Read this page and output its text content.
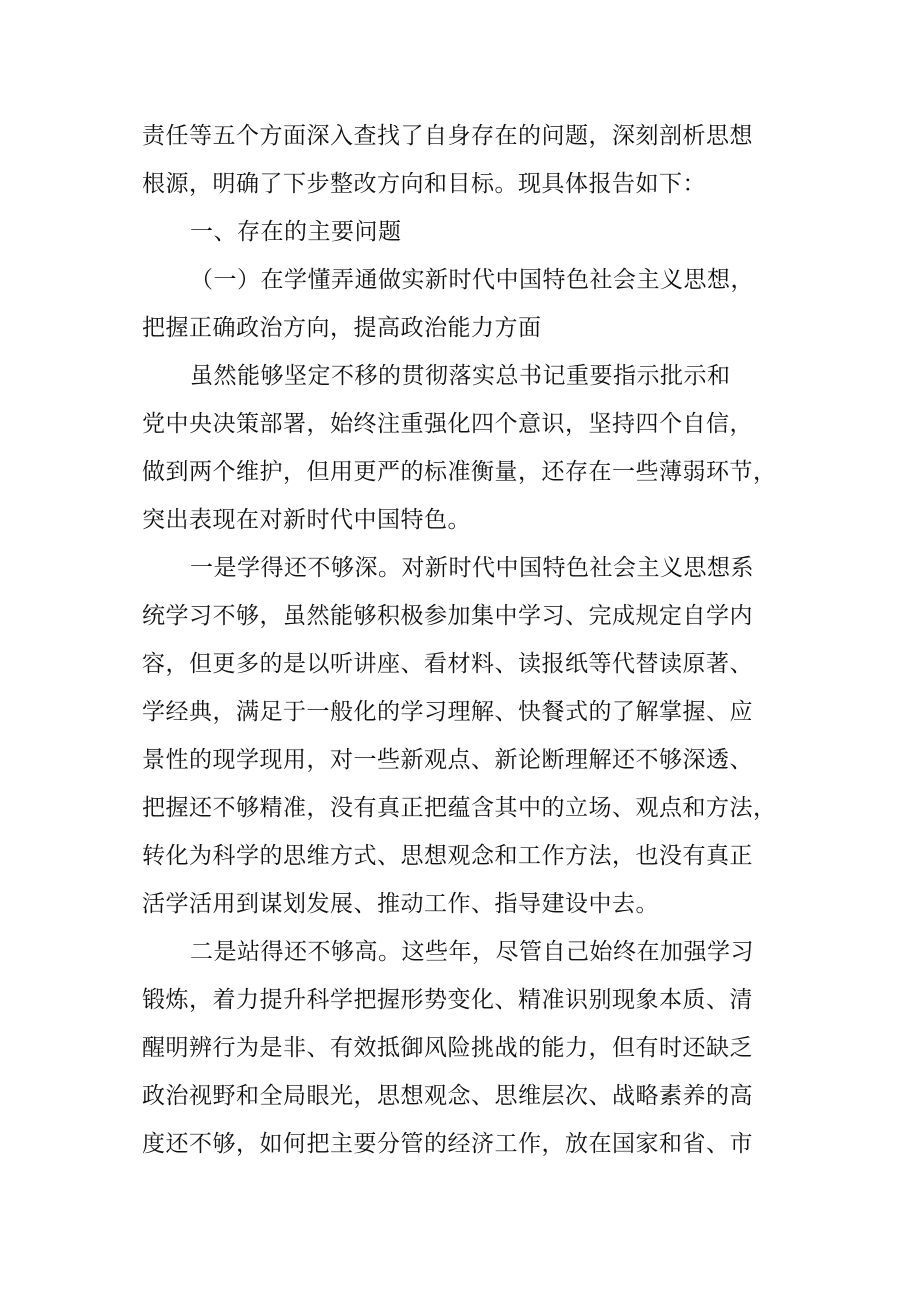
责任等五个方面深入查找了自身存在的问题，深刻剖析思想
根源，明确了下步整改方向和目标。现具体报告如下：
一、存在的主要问题
（一）在学懂弄通做实新时代中国特色社会主义思想，
把握正确政治方向，提高政治能力方面
虽然能够坚定不移的贯彻落实总书记重要指示批示和
党中央决策部署，始终注重强化四个意识，坚持四个自信，
做到两个维护，但用更严的标准衡量，还存在一些薄弱环节，
突出表现在对新时代中国特色。
一是学得还不够深。对新时代中国特色社会主义思想系
统学习不够，虽然能够积极参加集中学习、完成规定自学内
容，但更多的是以听讲座、看材料、读报纸等代替读原著、
学经典，满足于一般化的学习理解、快餐式的了解掌握、应
景性的现学现用，对一些新观点、新论断理解还不够深透、
把握还不够精准，没有真正把蕴含其中的立场、观点和方法，
转化为科学的思维方式、思想观念和工作方法，也没有真正
活学活用到谋划发展、推动工作、指导建设中去。
二是站得还不够高。这些年，尽管自己始终在加强学习
锻炼，着力提升科学把握形势变化、精准识别现象本质、清
醒明辨行为是非、有效抵御风险挑战的能力，但有时还缺乏
政治视野和全局眼光，思想观念、思维层次、战略素养的高
度还不够，如何把主要分管的经济工作，放在国家和省、市
